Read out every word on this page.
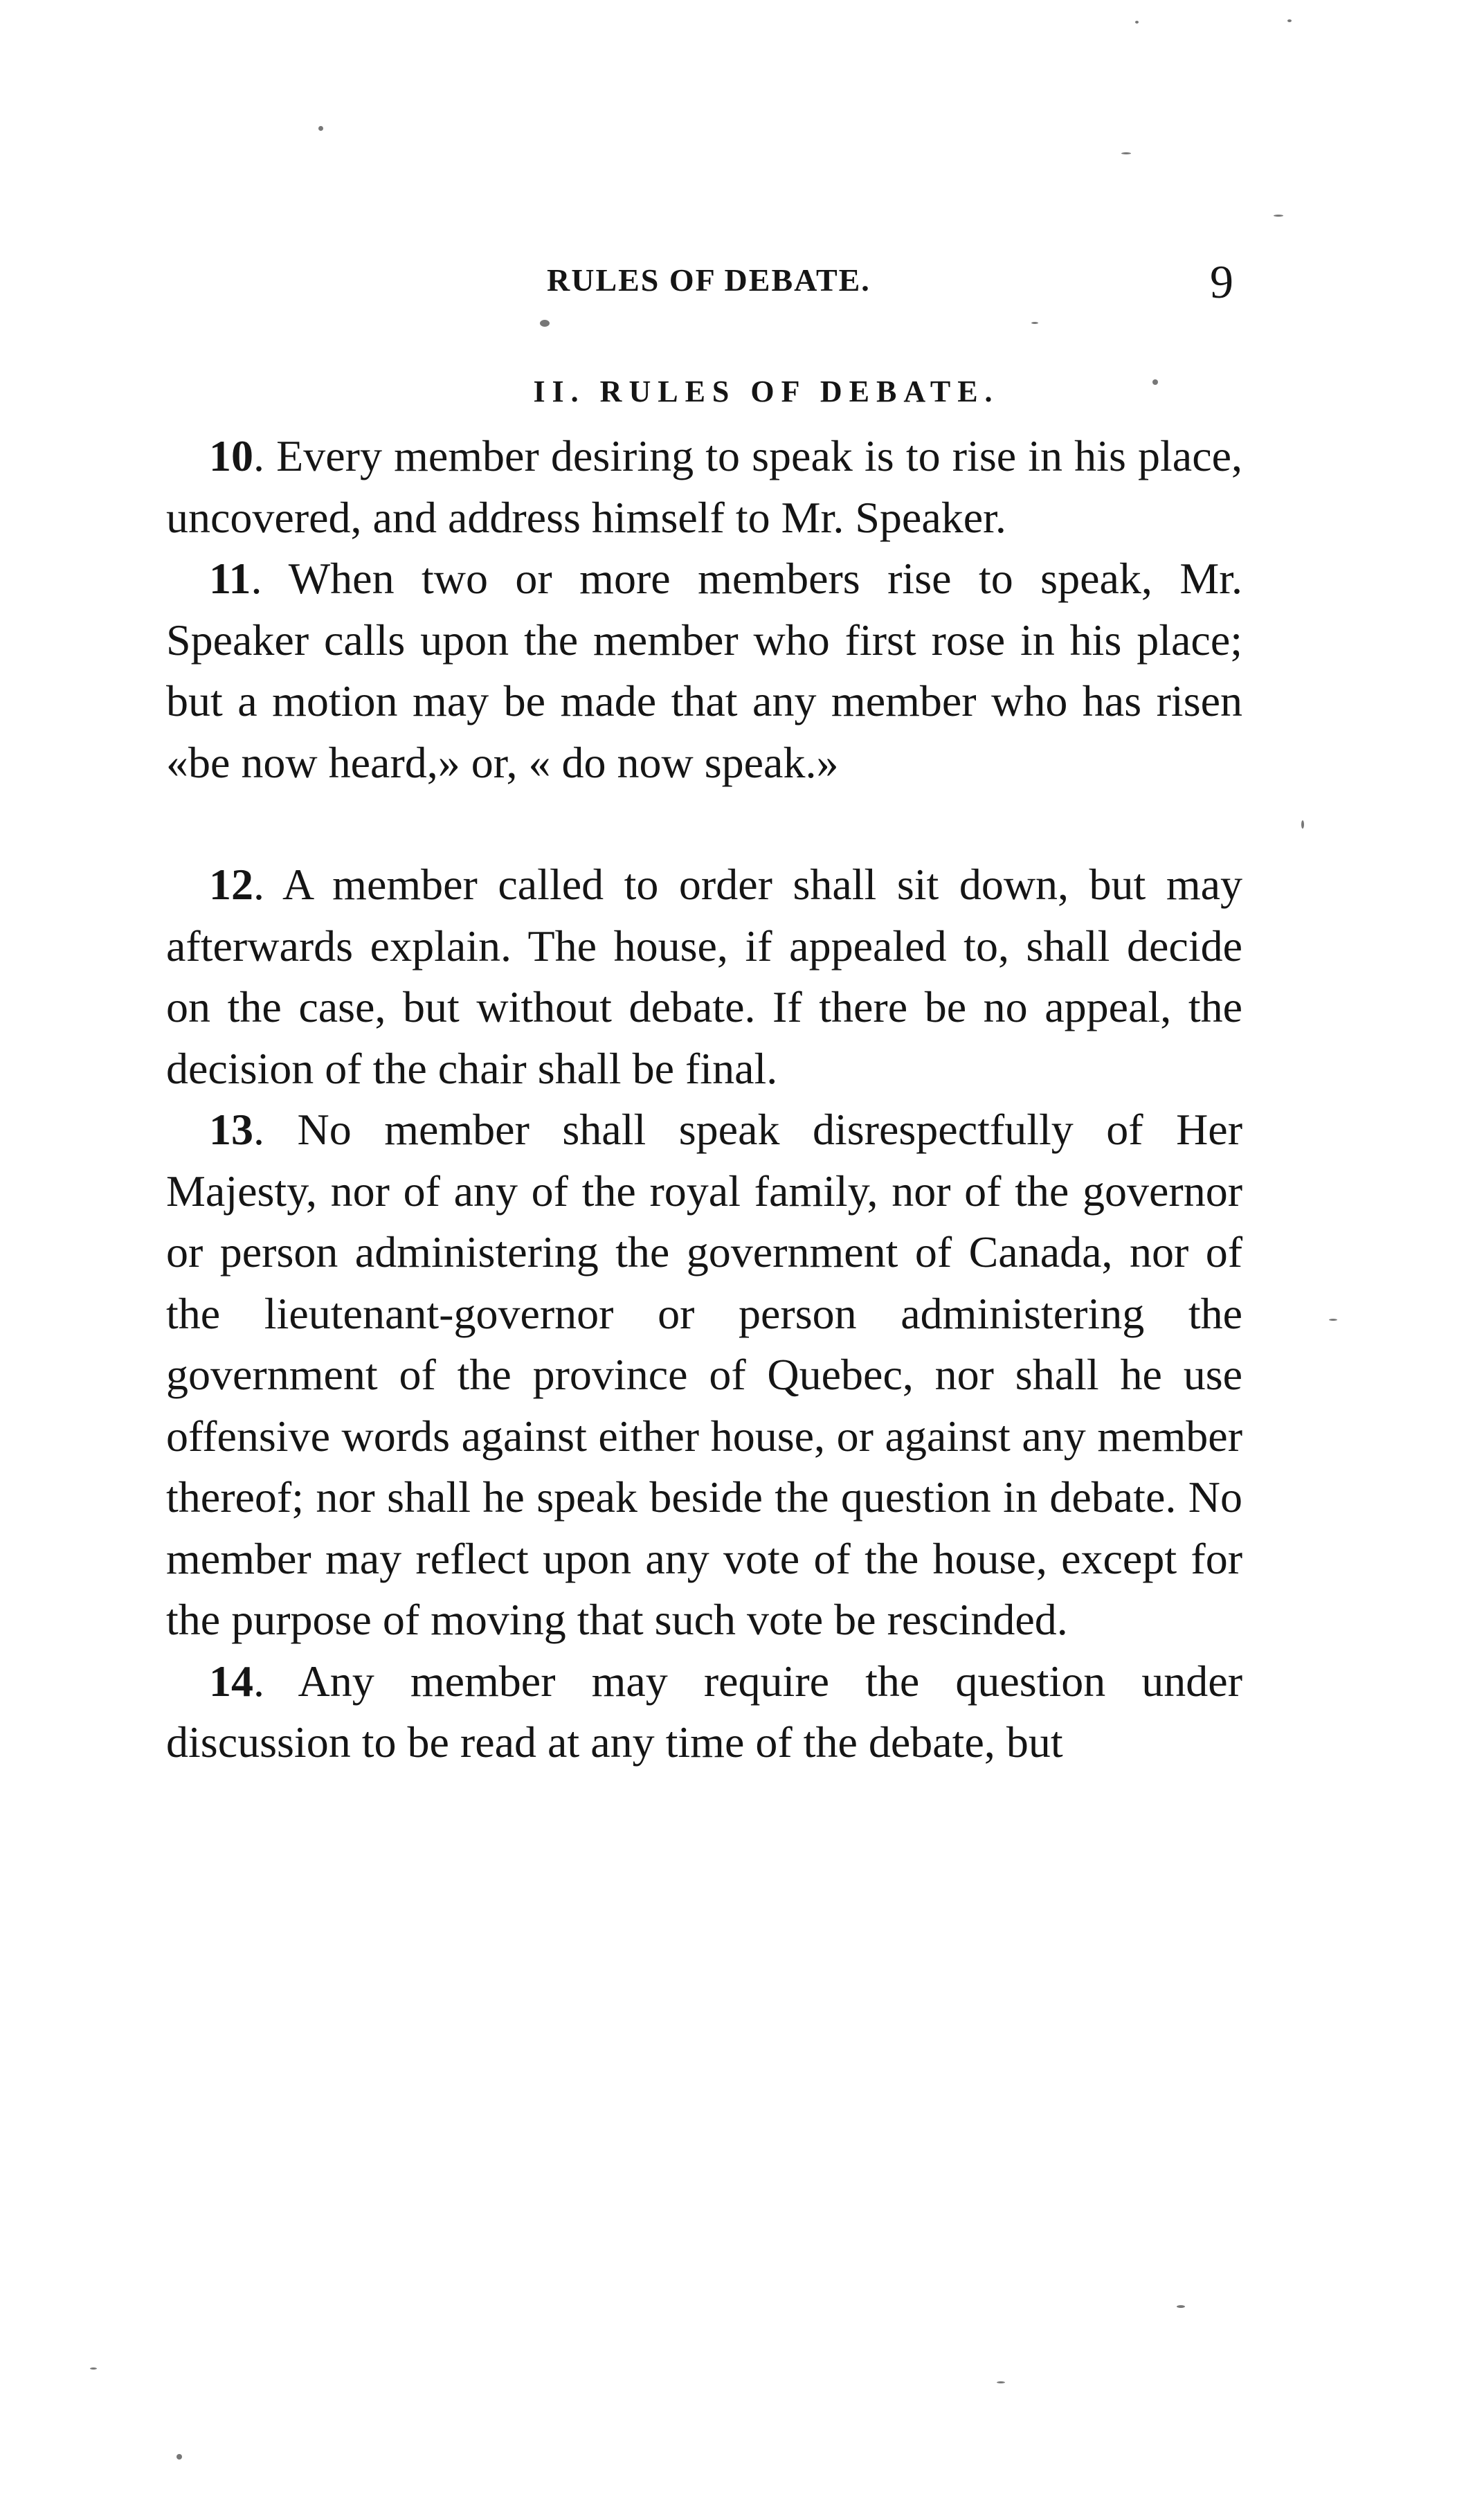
RULES OF DEBATE.	9
II. RULES OF DEBATE.

10. Every member desiring to speak is to rise in his place, uncovered, and address himself to Mr. Speaker.

11. When two or more members rise to speak, Mr. Speaker calls upon the member who first rose in his place; but a motion may be made that any member who has risen «be now heard,» or, « do now speak.»

12. A member called to order shall sit down, but may afterwards explain. The house, if appealed to, shall decide on the case, but without debate. If there be no appeal, the decision of the chair shall be final.

13. No member shall speak disrespectfully of Her Majesty, nor of any of the royal family, nor of the governor or person administering the government of Canada, nor of the lieutenant-governor or person administering the government of the province of Quebec, nor shall he use offensive words against either house, or against any member thereof; nor shall he speak beside the question in debate. No member may reflect upon any vote of the house, except for the purpose of moving that such vote be rescinded.

14. Any member may require the question under discussion to be read at any time of the debate, but
